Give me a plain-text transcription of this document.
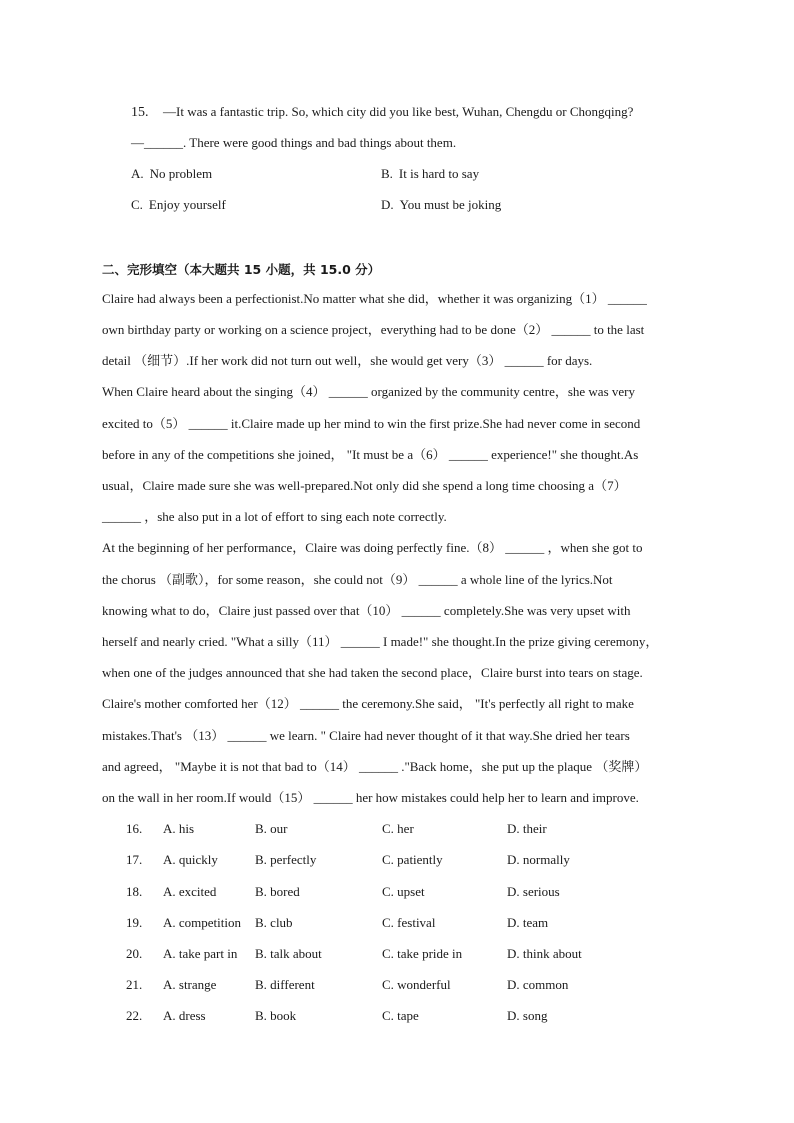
15. —It was a fantastic trip. So, which city did you like best, Wuhan, Chengdu or Chongqing?
—______. There were good things and bad things about them.
A. No problem	B. It is hard to say
C. Enjoy yourself	D. You must be joking
二、完形填空（本大题共 15 小题，共 15.0 分）
Claire had always been a perfectionist.No matter what she did，whether it was organizing（1） ______
own birthday party or working on a science project，everything had to be done（2） ______ to the last
detail （细节）.If her work did not turn out well，she would get very（3） ______ for days.
When Claire heard about the singing（4） ______ organized by the community centre，she was very
excited to（5） ______ it.Claire made up her mind to win the first prize.She had never come in second
before in any of the competitions she joined， "It must be a（6） ______ experience!" she thought.As
usual，Claire made sure she was well-prepared.Not only did she spend a long time choosing a（7）
______ ，she also put in a lot of effort to sing each note correctly.
At the beginning of her performance，Claire was doing perfectly fine.（8） ______ ，when she got to
the chorus （副歌），for some reason，she could not（9） ______ a whole line of the lyrics.Not
knowing what to do，Claire just passed over that（10） ______ completely.She was very upset with
herself and nearly cried. "What a silly（11） ______ I made!" she thought.In the prize giving ceremony，
when one of the judges announced that she had taken the second place，Claire burst into tears on stage.
Claire's mother comforted her（12） ______ the ceremony.She said， "It's perfectly all right to make
mistakes.That's （13） ______ we learn. " Claire had never thought of it that way.She dried her tears
and agreed， "Maybe it is not that bad to（14） ______ ."Back home，she put up the plaque （奖牌）
on the wall in her room.If would（15） ______ her how mistakes could help her to learn and improve.
16.	A. his	B. our	C. her	D. their
17.	A. quickly	B. perfectly	C. patiently	D. normally
18.	A. excited	B. bored	C. upset	D. serious
19.	A. competition B. club	C. festival	D. team
20.	A. take part in B. talk about	C. take pride in	D. think about
21.	A. strange	B. different	C. wonderful	D. common
22.	A. dress	B. book	C. tape	D. song
